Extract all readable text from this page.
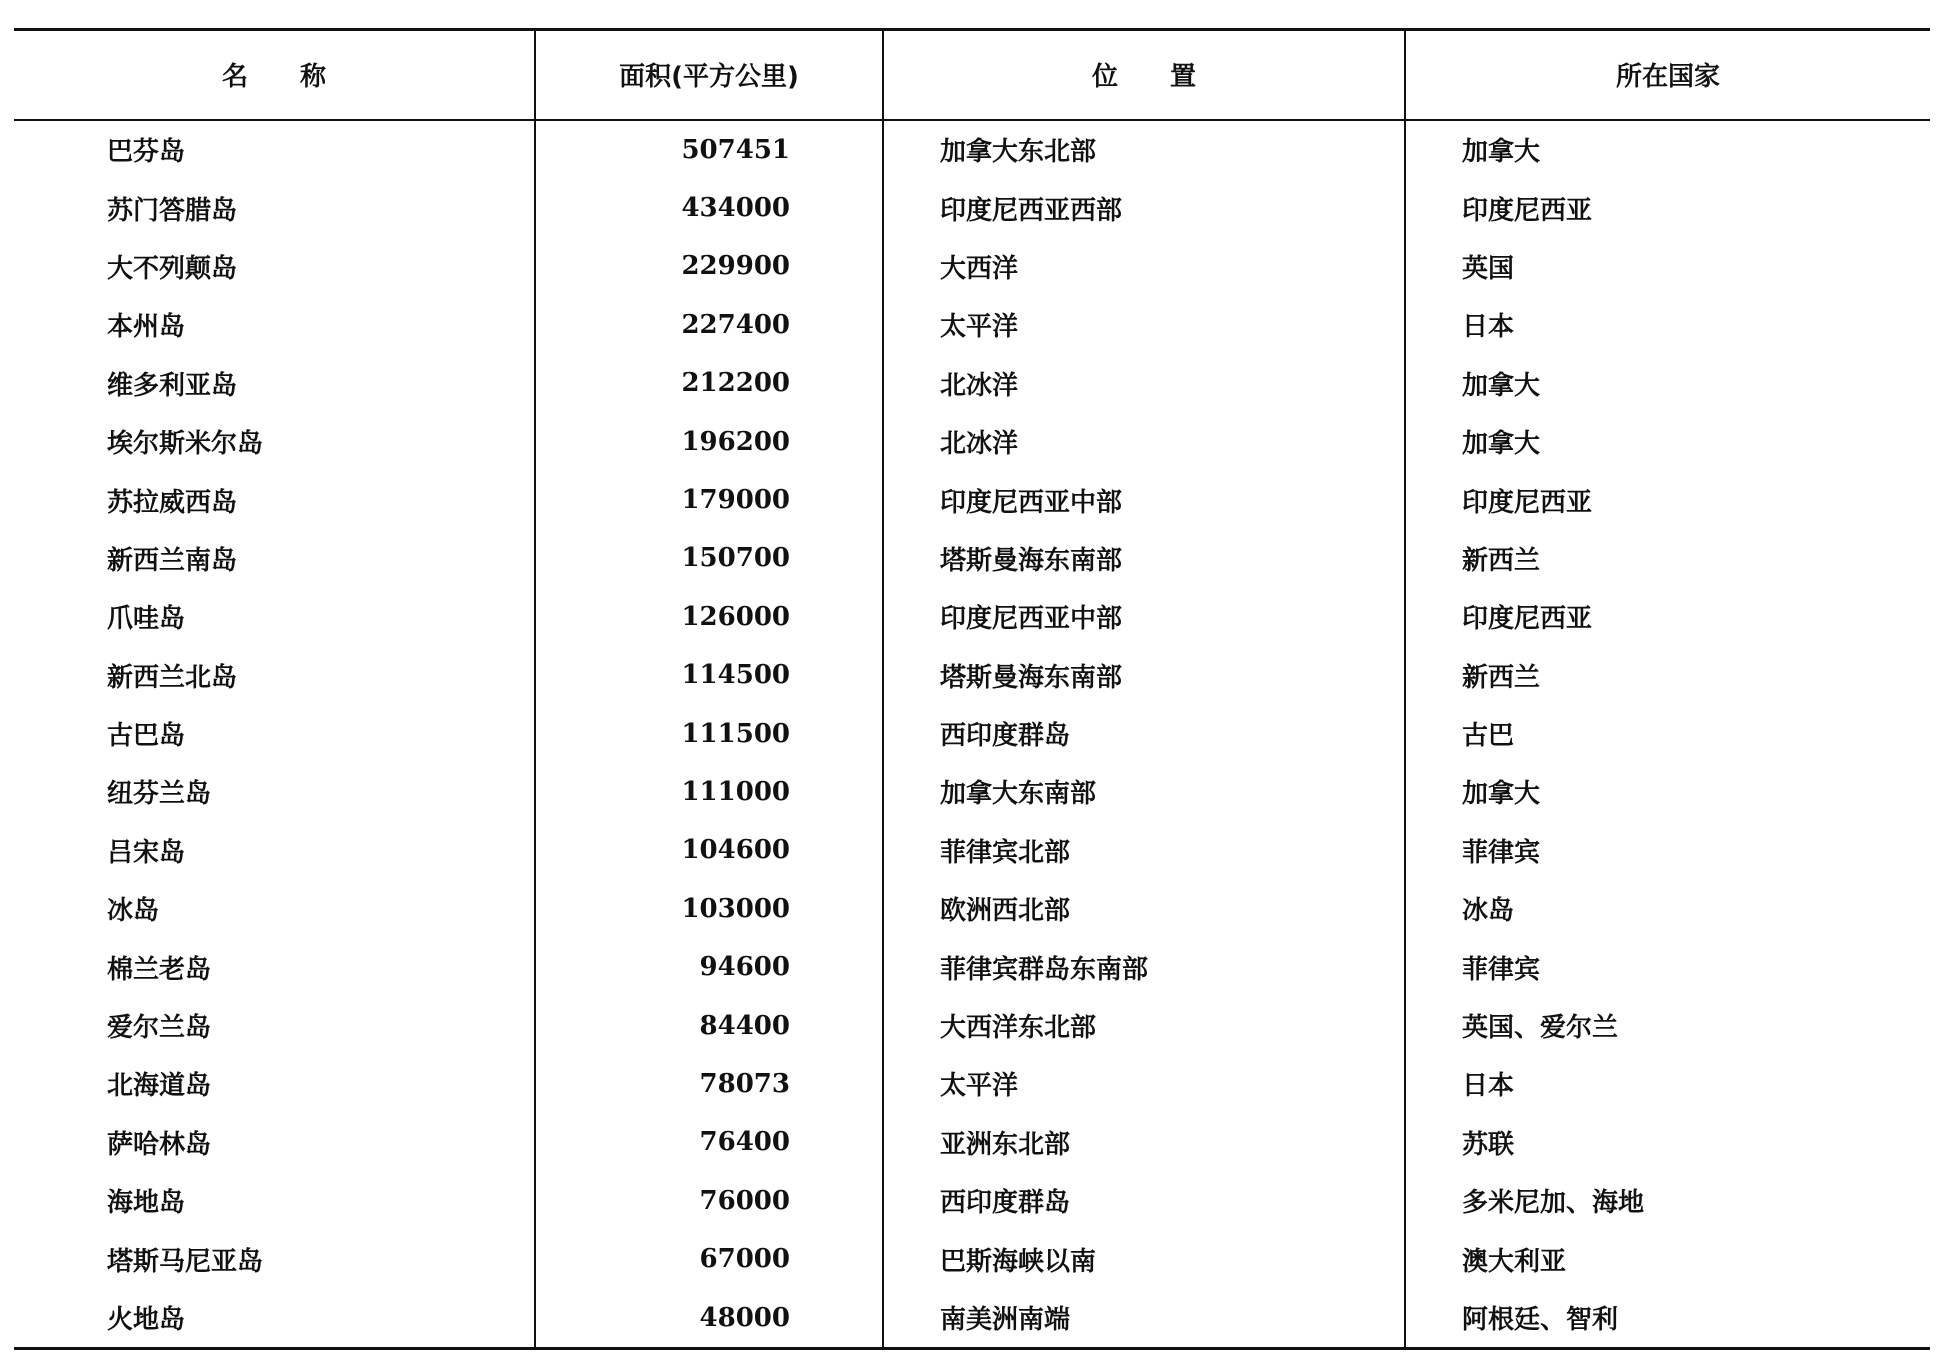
名　　称	面积(平方公里)	位　　置	所在国家
巴芬岛	507451	加拿大东北部	加拿大
苏门答腊岛	434000	印度尼西亚西部	印度尼西亚
大不列颠岛	229900	大西洋	英国
本州岛	227400	太平洋	日本
维多利亚岛	212200	北冰洋	加拿大
埃尔斯米尔岛	196200	北冰洋	加拿大
苏拉威西岛	179000	印度尼西亚中部	印度尼西亚
新西兰南岛	150700	塔斯曼海东南部	新西兰
爪哇岛	126000	印度尼西亚中部	印度尼西亚
新西兰北岛	114500	塔斯曼海东南部	新西兰
古巴岛	111500	西印度群岛	古巴
纽芬兰岛	111000	加拿大东南部	加拿大
吕宋岛	104600	菲律宾北部	菲律宾
冰岛	103000	欧洲西北部	冰岛
棉兰老岛	94600	菲律宾群岛东南部	菲律宾
爱尔兰岛	84400	大西洋东北部	英国、爱尔兰
北海道岛	78073	太平洋	日本
萨哈林岛	76400	亚洲东北部	苏联
海地岛	76000	西印度群岛	多米尼加、海地
塔斯马尼亚岛	67000	巴斯海峡以南	澳大利亚
火地岛	48000	南美洲南端	阿根廷、智利
